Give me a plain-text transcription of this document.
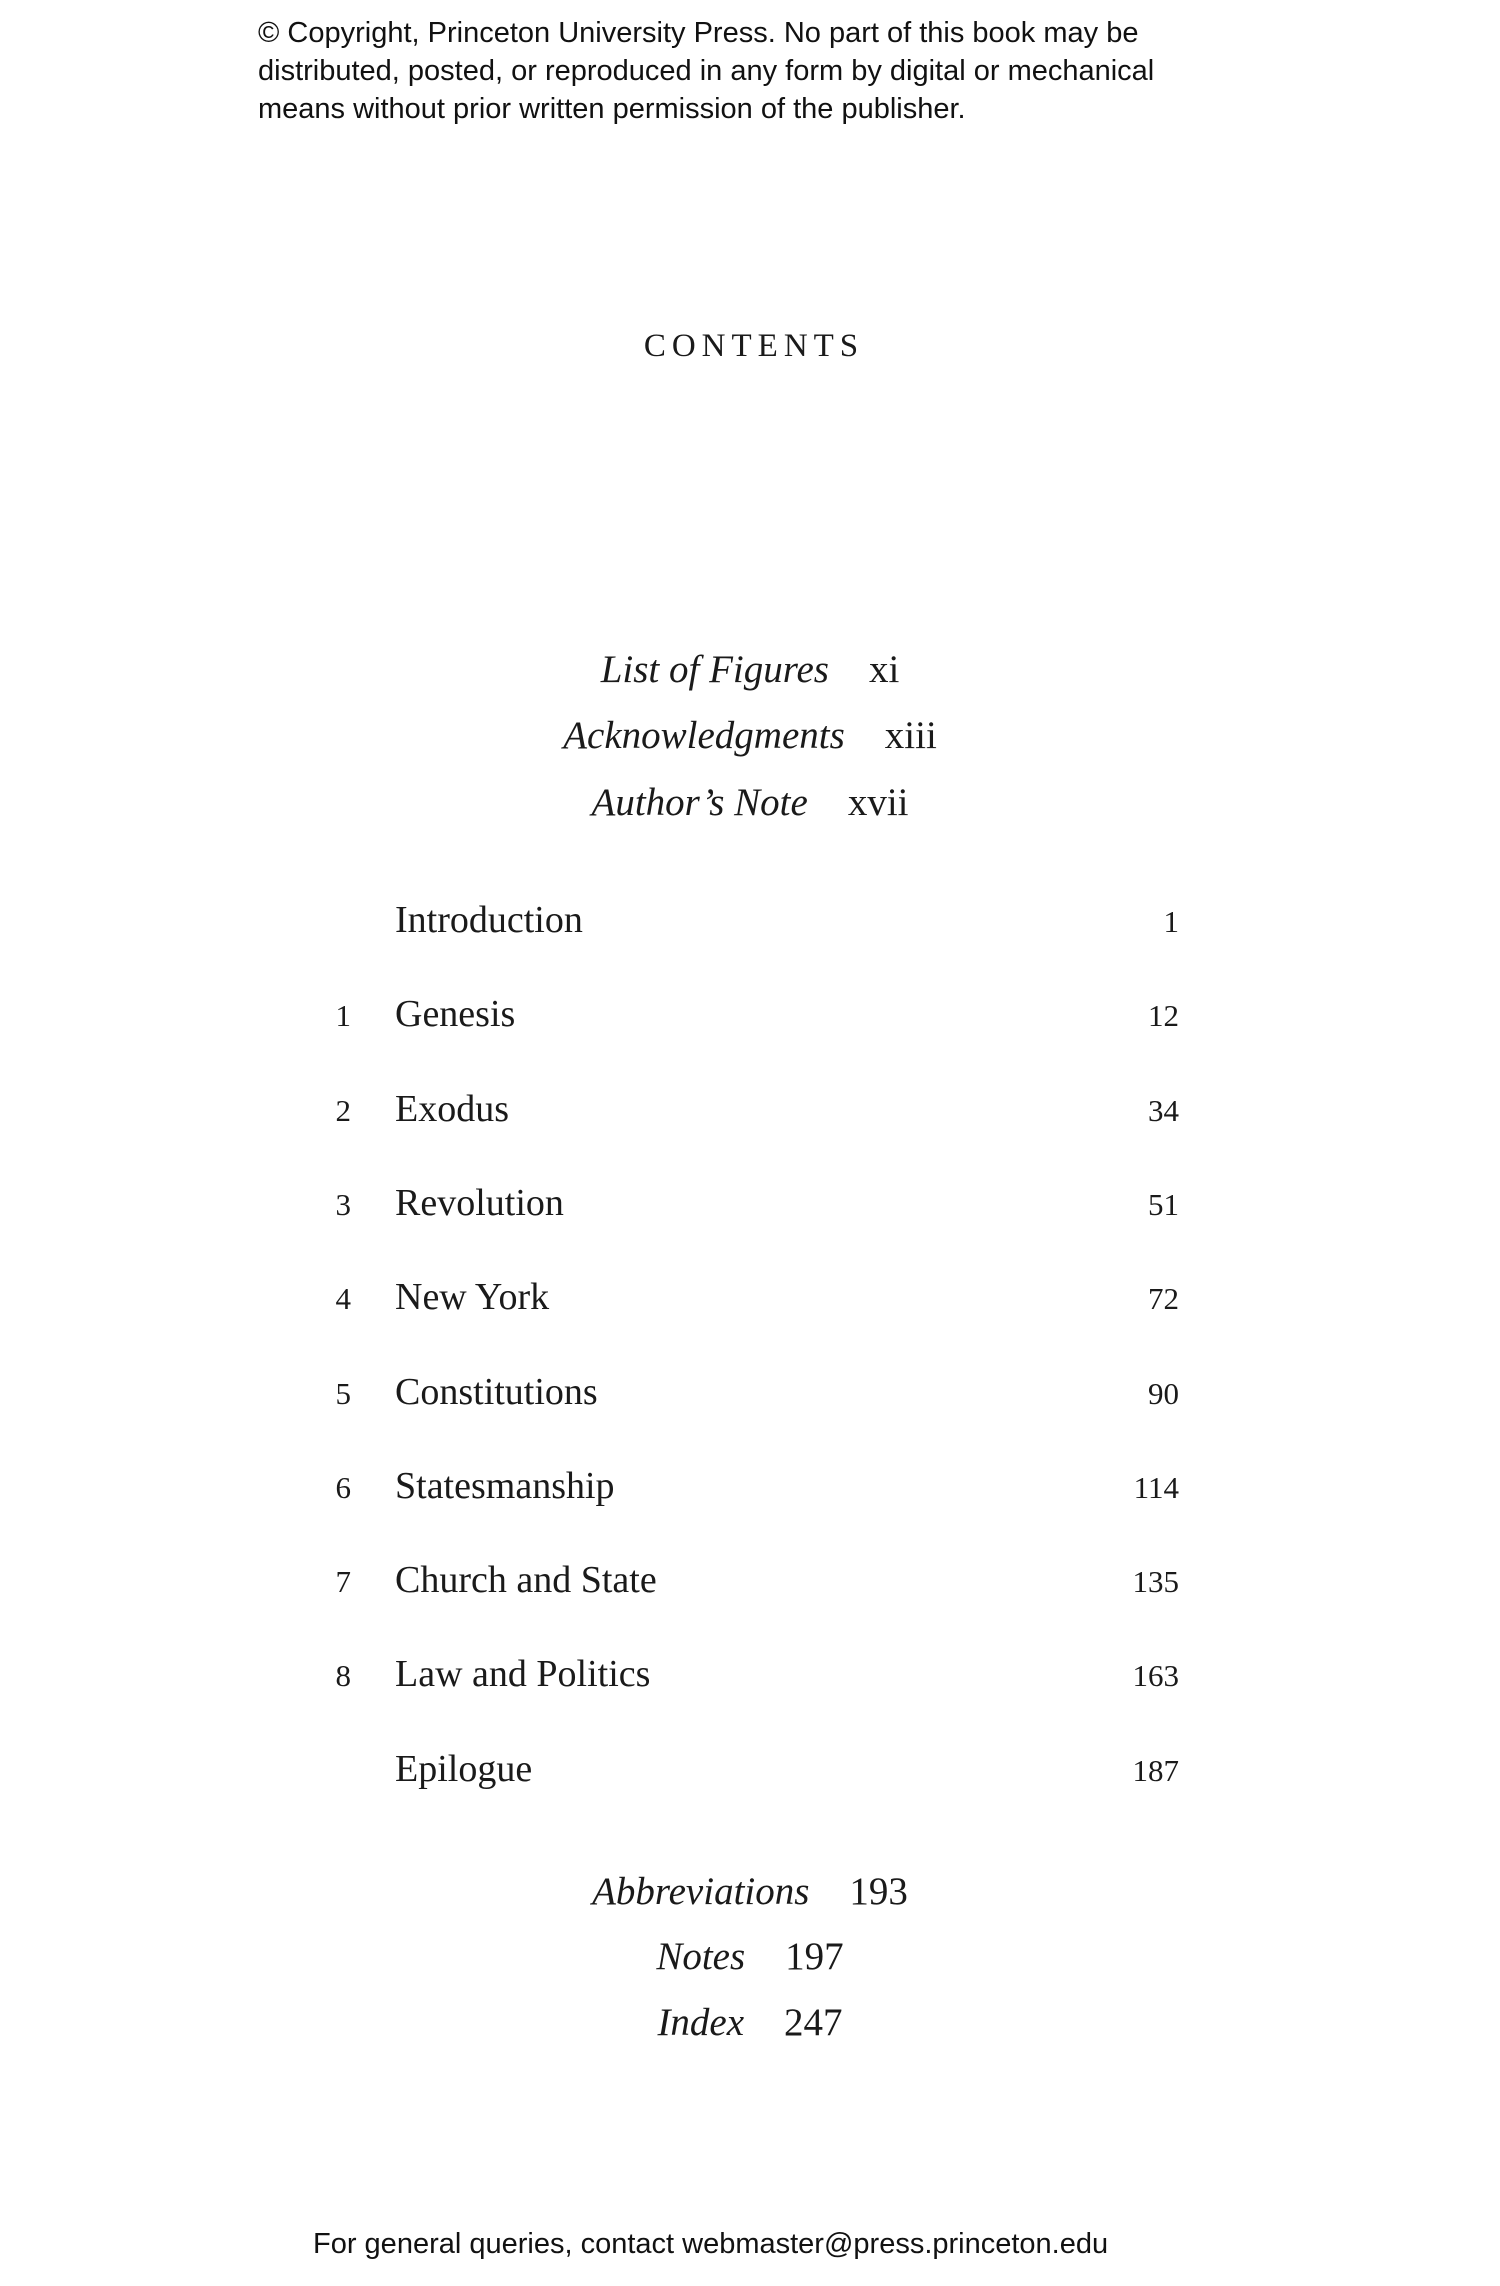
© Copyright, Princeton University Press. No part of this book may be
distributed, posted, or reproduced in any form by digital or mechanical
means without prior written permission of the publisher.
CONTENTS
List of Figures xi
Acknowledgments xiii
Author’s Note xvii
Introduction	1
1 Genesis	12
2 Exodus	34
3 Revolution	51
4 New York	72
5 Constitutions	90
6 Statesmanship	114
7 Church and State	135
8 Law and Politics	163
Epilogue	187
Abbreviations 193
Notes 197
Index 247
For general queries, contact webmaster@press.princeton.edu
